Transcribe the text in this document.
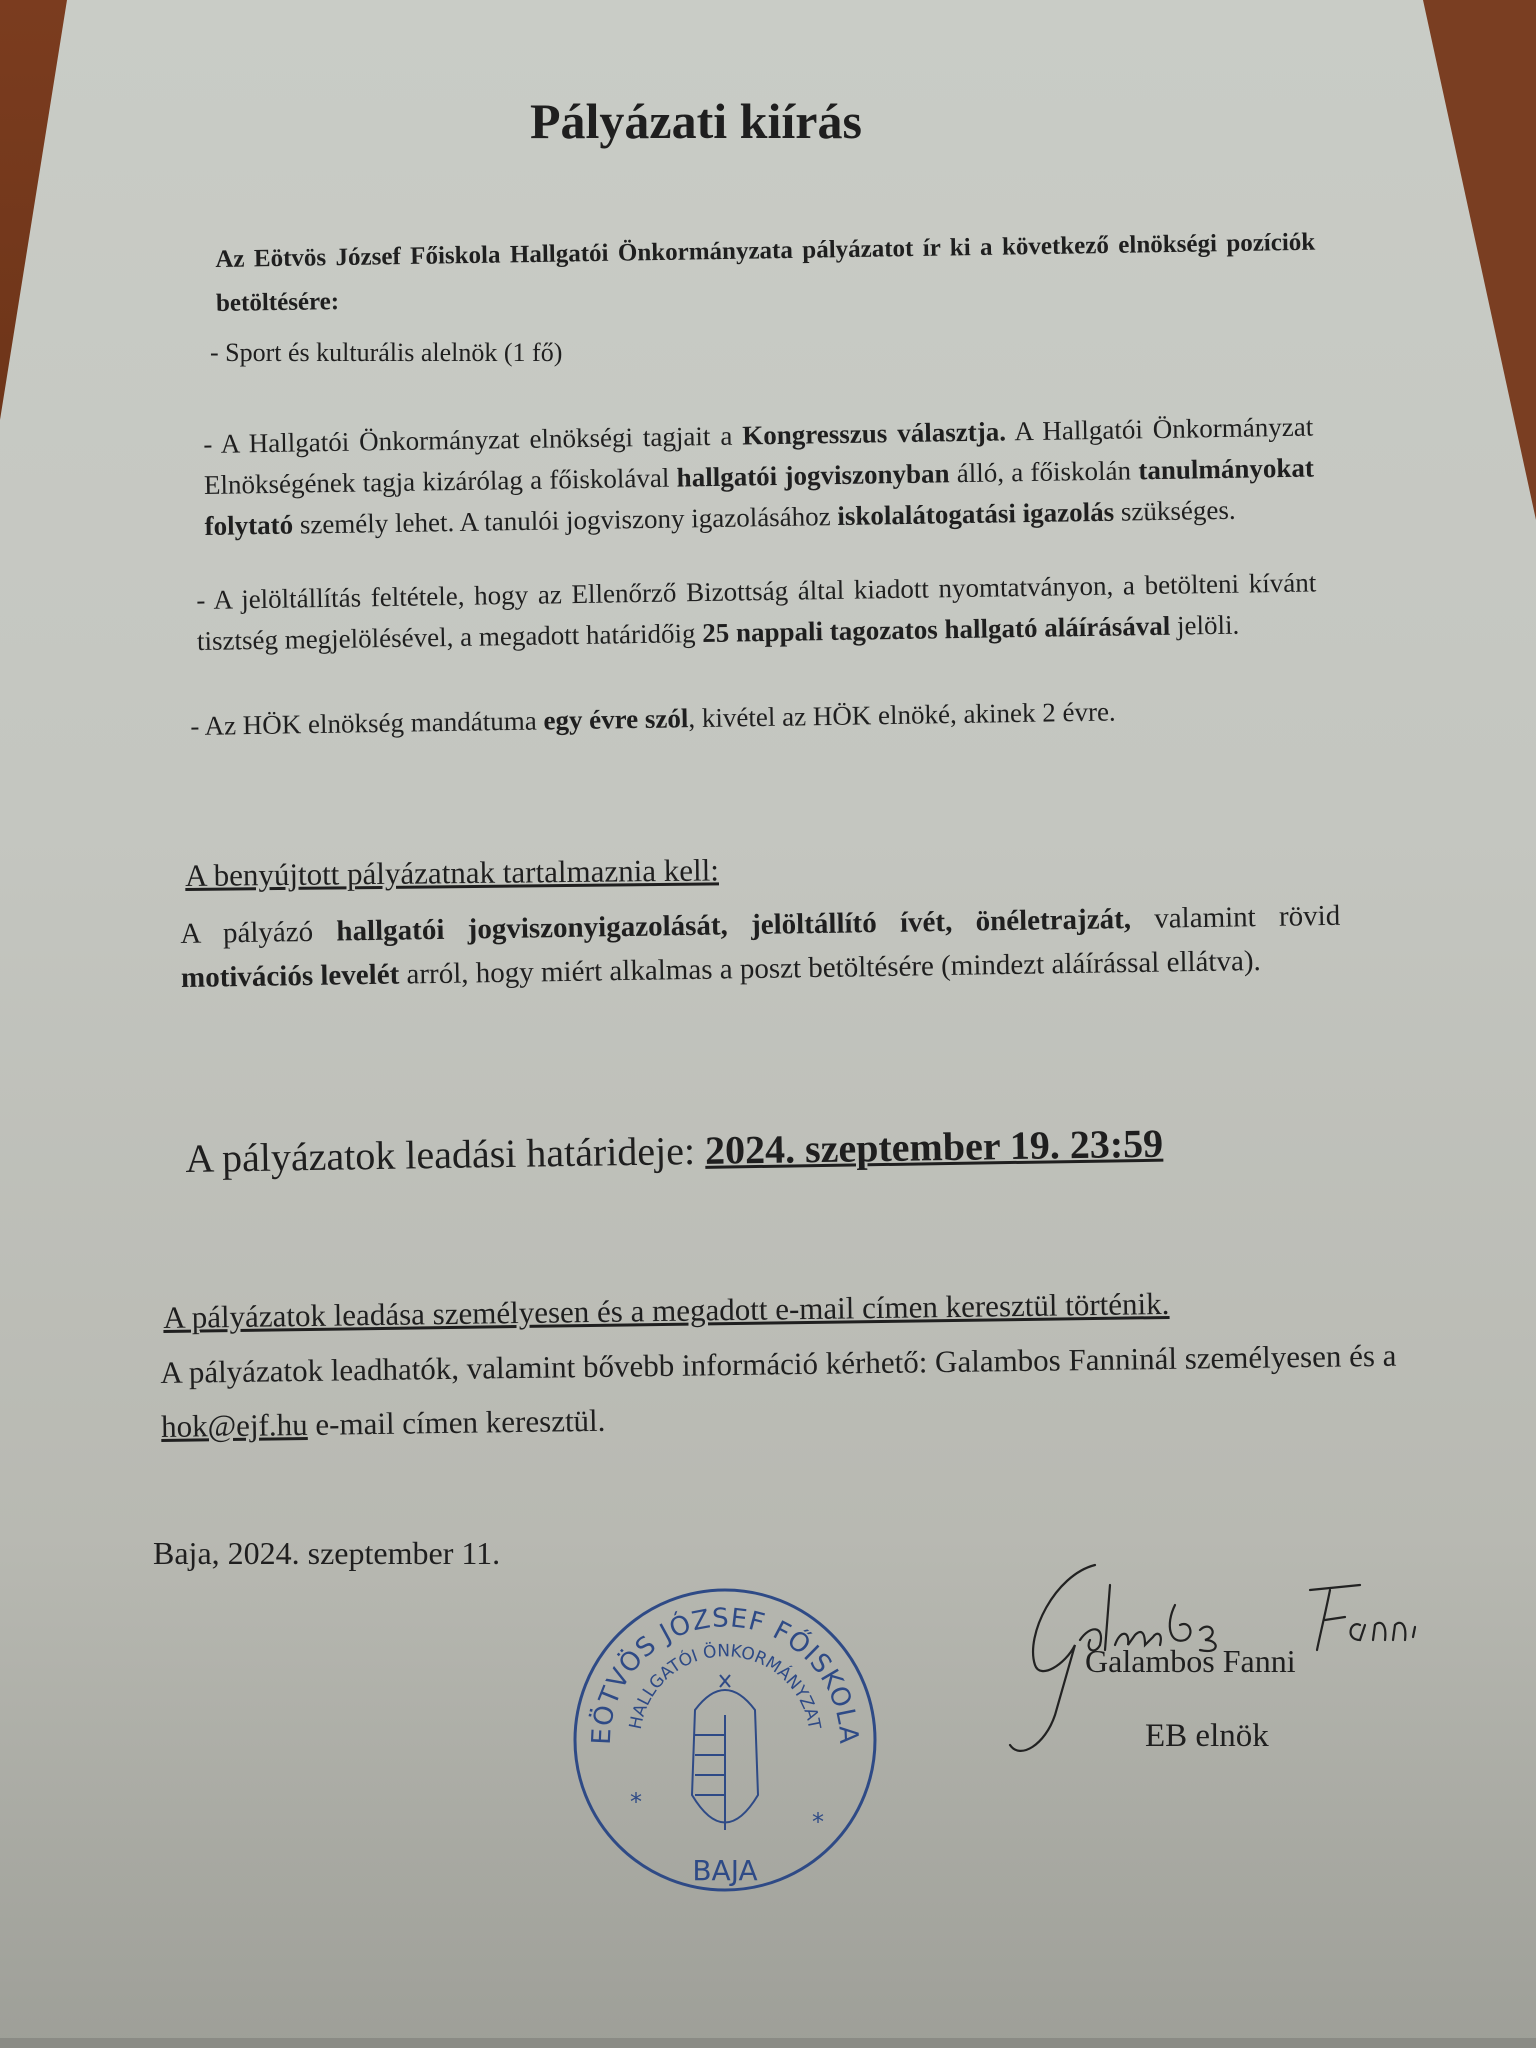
Pályázati kiírás
Az Eötvös József Főiskola Hallgatói Önkormányzata pályázatot ír ki a következő elnökségi pozíciók betöltésére:
- Sport és kulturális alelnök (1 fő)
- A Hallgatói Önkormányzat elnökségi tagjait a Kongresszus választja. A Hallgatói Önkormányzat Elnökségének tagja kizárólag a főiskolával hallgatói jogviszonyban álló, a főiskolán tanulmányokat folytató személy lehet. A tanulói jogviszony igazolásához iskolalátogatási igazolás szükséges.
- A jelöltállítás feltétele, hogy az Ellenőrző Bizottság által kiadott nyomtatványon, a betölteni kívánt tisztség megjelölésével, a megadott határidőig 25 nappali tagozatos hallgató aláírásával jelöli.
- Az HÖK elnökség mandátuma egy évre szól, kivétel az HÖK elnöké, akinek 2 évre.
A benyújtott pályázatnak tartalmaznia kell:
A pályázó hallgatói jogviszonyigazolását, jelöltállító ívét, önéletrajzát, valamint rövid motivációs levelét arról, hogy miért alkalmas a poszt betöltésére (mindezt aláírással ellátva).
A pályázatok leadási határideje: 2024. szeptember 19. 23:59
A pályázatok leadása személyesen és a megadott e-mail címen keresztül történik.
A pályázatok leadhatók, valamint bővebb információ kérhető: Galambos Fanninál személyesen és a hok@ejf.hu e-mail címen keresztül.
Baja, 2024. szeptember 11.
EÖTVÖS JÓZSEF FŐISKOLA
HALLGATÓI ÖNKORMÁNYZAT
*
*
BAJA
Galambos Fanni
EB elnök
